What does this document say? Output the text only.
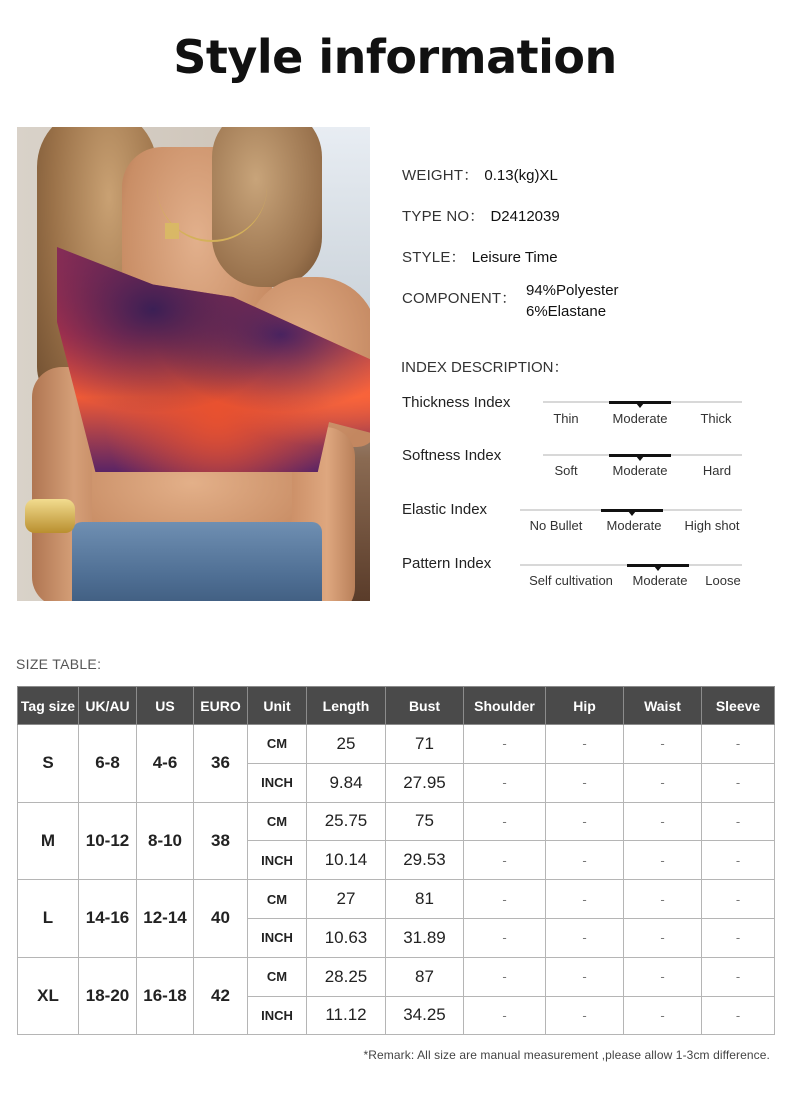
Style information
WEIGHT： 0.13(kg)XL
TYPE NO： D2412039
STYLE： Leisure Time
COMPONENT： 94%Polyester
6%Elastane
INDEX DESCRIPTION：
Thickness Index
Thin	Moderate	Thick
Softness Index
Soft	Moderate	Hard
Elastic Index
No Bullet	Moderate	High shot
Pattern Index
Self cultivation	Moderate	Loose
SIZE TABLE:
Tag size	UK/AU	US	EURO	Unit	Length	Bust	Shoulder	Hip	Waist	Sleeve
S	6-8	4-6	36	CM	25	71	-	-	-	-
				INCH	9.84	27.95	-	-	-	-
M	10-12	8-10	38	CM	25.75	75	-	-	-	-
				INCH	10.14	29.53	-	-	-	-
L	14-16	12-14	40	CM	27	81	-	-	-	-
				INCH	10.63	31.89	-	-	-	-
XL	18-20	16-18	42	CM	28.25	87	-	-	-	-
				INCH	11.12	34.25	-	-	-	-
*Remark: All size are manual measurement ,please allow 1-3cm difference.
